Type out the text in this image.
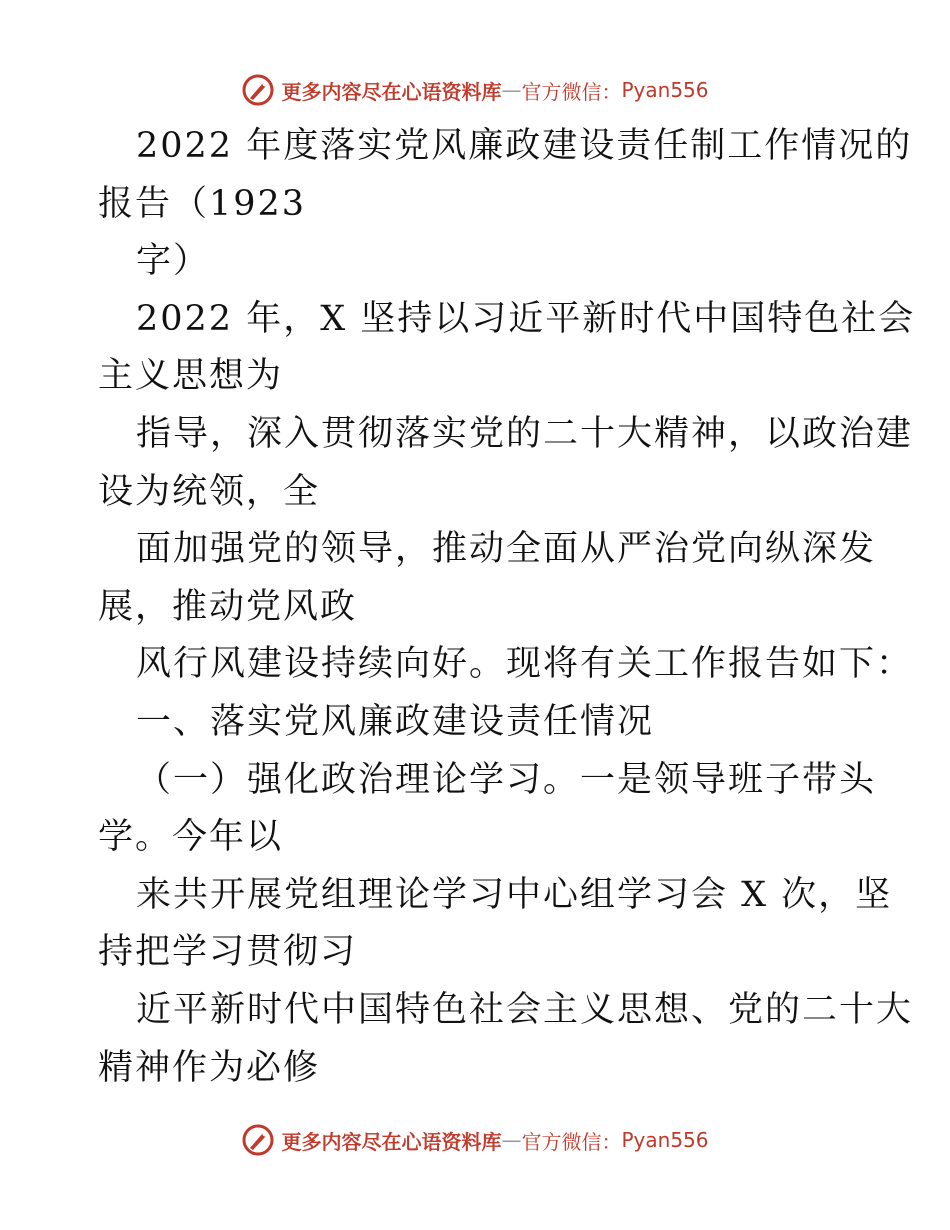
更多内容尽在心语资料库 — 官方微信： Pyan556
2022 年度落实党风廉政建设责任制工作情况的
报告（1923
字）
2022 年，X 坚持以习近平新时代中国特色社会
主义思想为
指导，深入贯彻落实党的二十大精神，以政治建
设为统领，全
面加强党的领导，推动全面从严治党向纵深发
展，推动党风政
风行风建设持续向好。现将有关工作报告如下：
一、落实党风廉政建设责任情况
（一）强化政治理论学习。一是领导班子带头
学。今年以
来共开展党组理论学习中心组学习会 X 次，坚
持把学习贯彻习
近平新时代中国特色社会主义思想、党的二十大
精神作为必修
更多内容尽在心语资料库 — 官方微信： Pyan556
